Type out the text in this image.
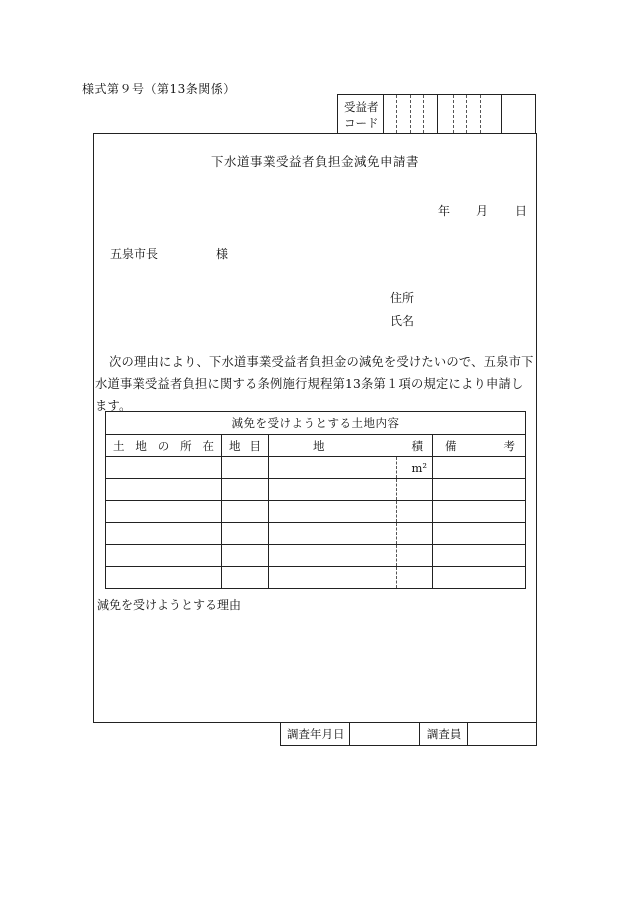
様式第９号（第13条関係）
受益者
コード
下水道事業受益者負担金減免申請書
年 月 日
五泉市長	様
住所
氏名
次の理由により、下水道事業受益者負担金の減免を受けたいので、五泉市下水道事業受益者負担に関する条例施行規程第13条第１項の規定により申請します。
減免を受けようとする土地内容				

土 地 の 所 在	地 目	地 積		備 考

			m²	

減免を受けようとする理由
調査年月日	調査員
